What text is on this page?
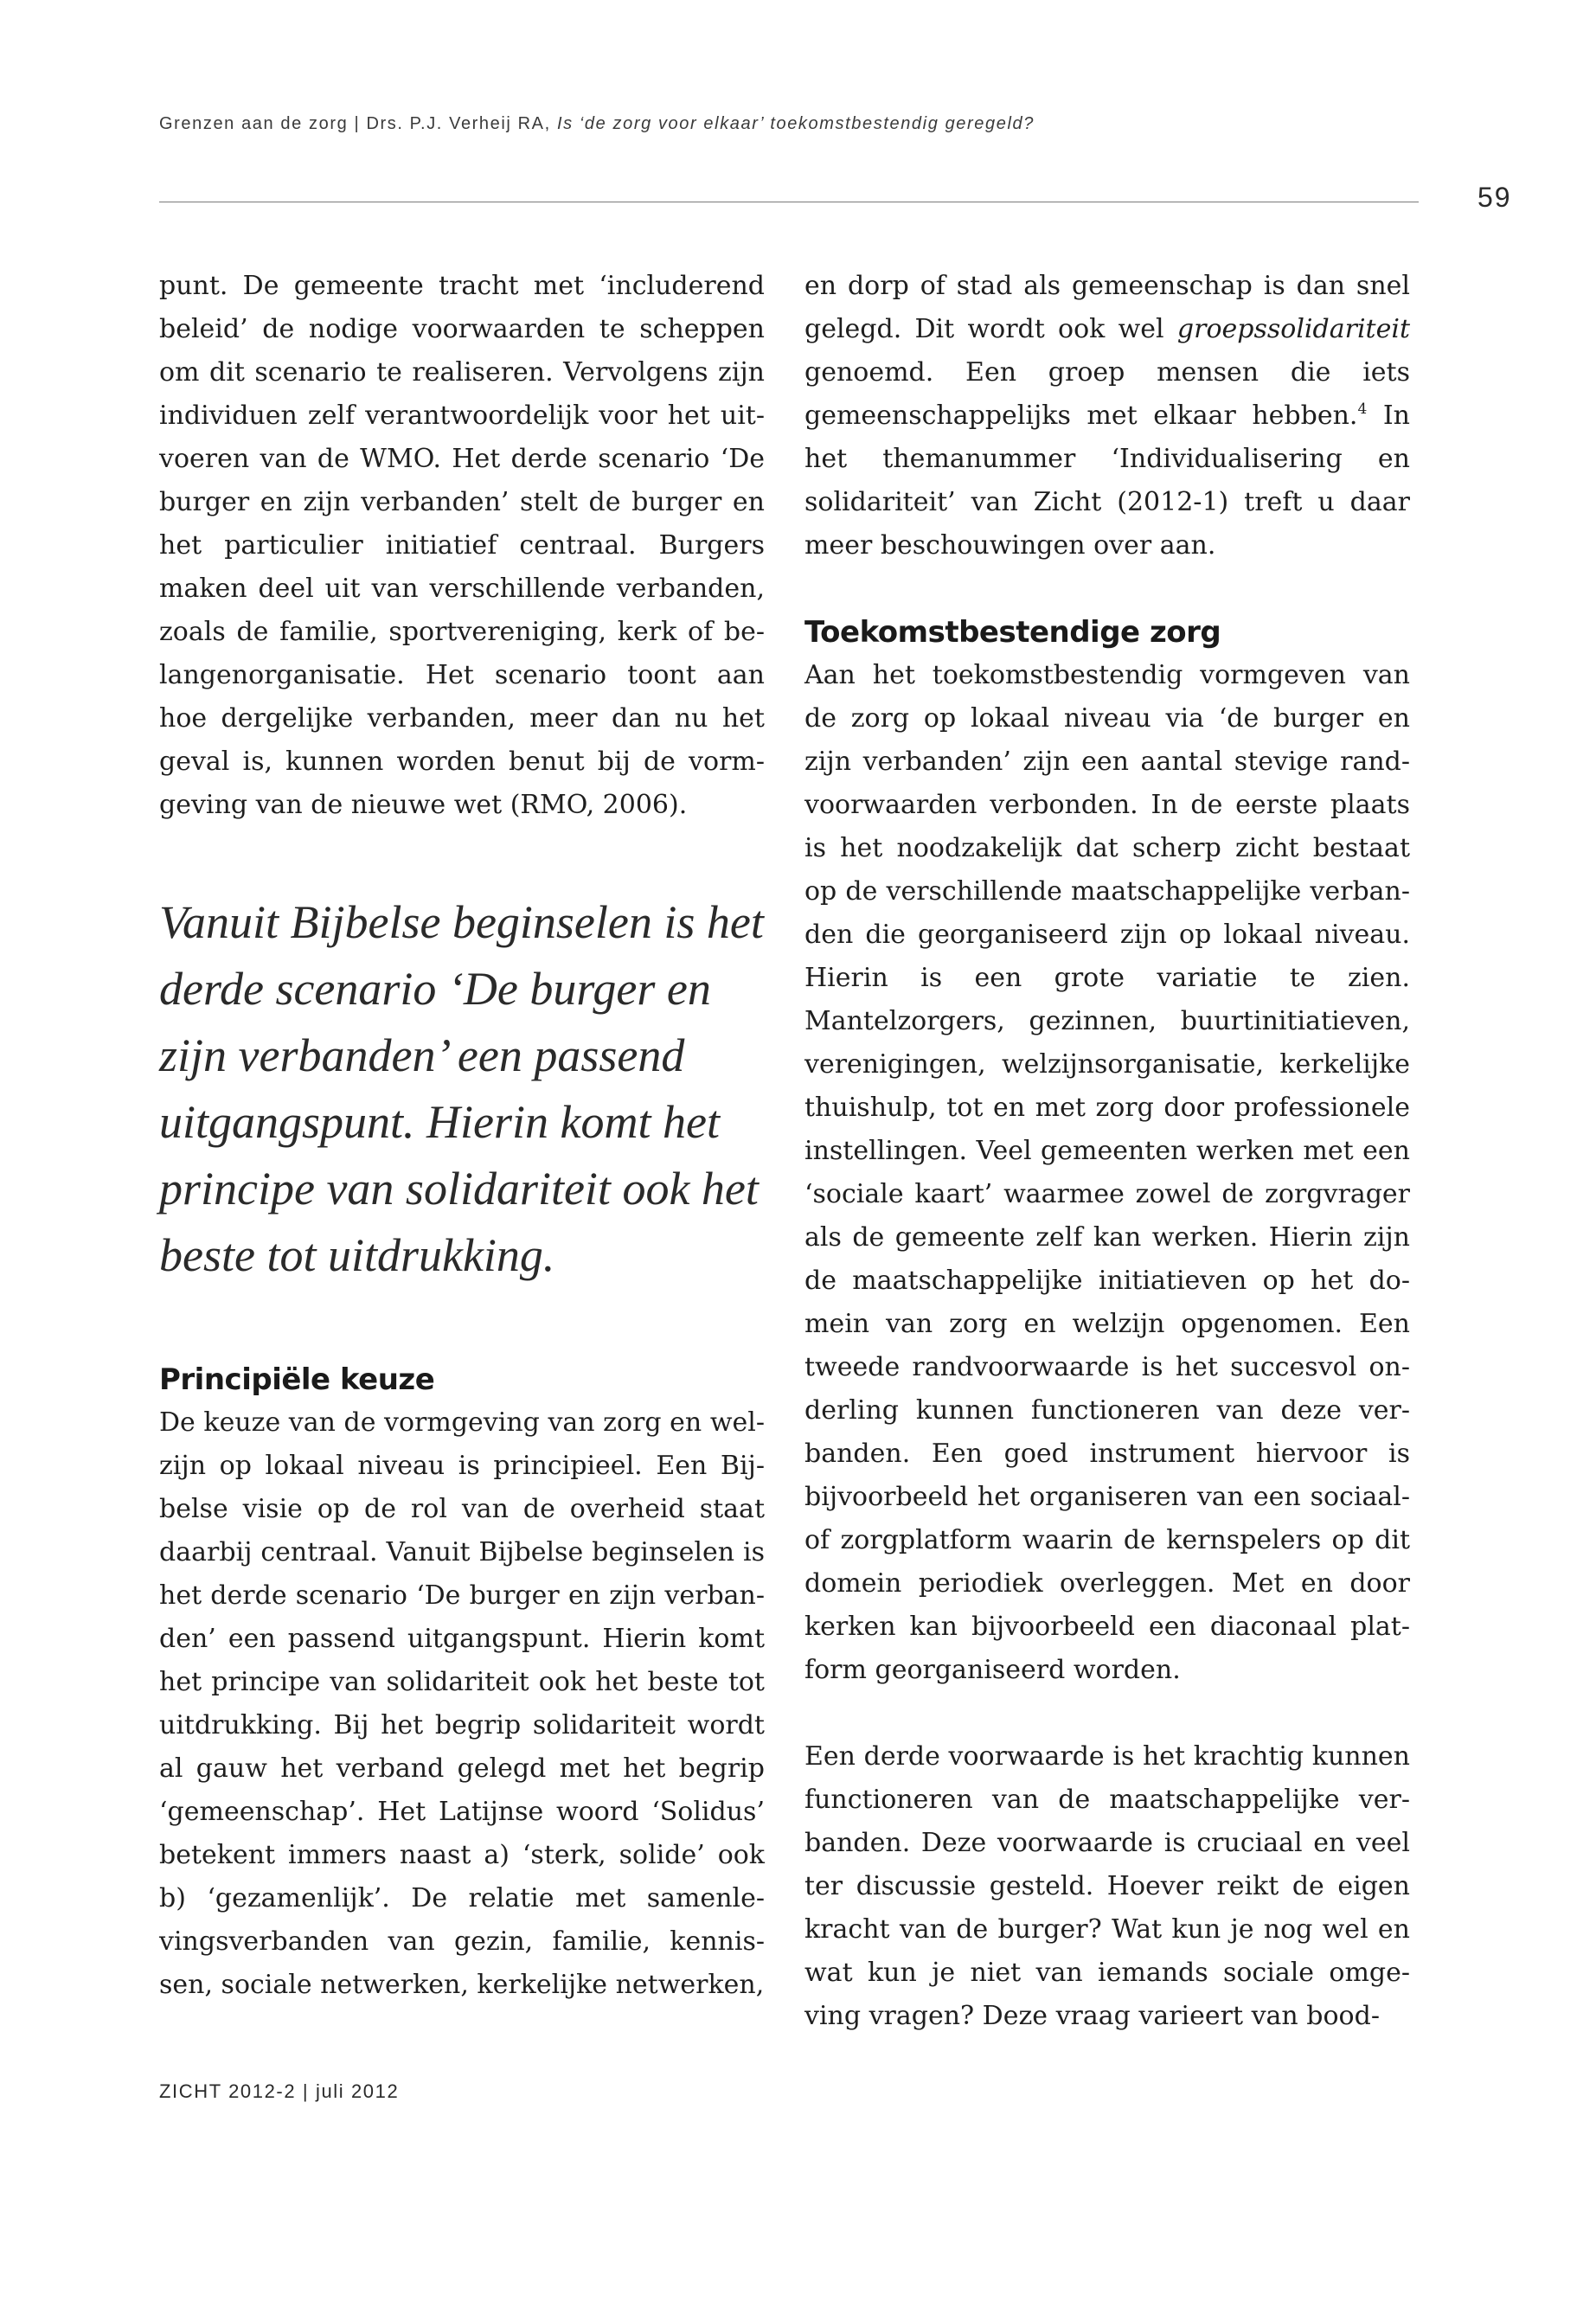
Grenzen aan de zorg | Drs. P.J. Verheij RA, Is ‘de zorg voor elkaar’ toekomstbestendig geregeld?
59

punt. De gemeente tracht met ‘includerend beleid’ de nodige voorwaarden te scheppen om dit scenario te realiseren. Vervolgens zijn individuen zelf verantwoordelijk voor het uitvoeren van de WMO. Het derde scenario ‘De burger en zijn verbanden’ stelt de burger en het particulier initiatief centraal. Burgers maken deel uit van verschillende verbanden, zoals de familie, sportvereniging, kerk of belangenorganisatie. Het scenario toont aan hoe dergelijke verbanden, meer dan nu het geval is, kunnen worden benut bij de vormgeving van de nieuwe wet (RMO, 2006).

Vanuit Bijbelse beginselen is het derde scenario ‘De burger en zijn verbanden’ een passend uitgangspunt. Hierin komt het principe van solidariteit ook het beste tot uitdrukking.

Principiële keuze

De keuze van de vormgeving van zorg en welzijn op lokaal niveau is principieel. Een Bijbelse visie op de rol van de overheid staat daarbij centraal. Vanuit Bijbelse beginselen is het derde scenario ‘De burger en zijn verbanden’ een passend uitgangspunt. Hierin komt het principe van solidariteit ook het beste tot uitdrukking. Bij het begrip solidariteit wordt al gauw het verband gelegd met het begrip ‘gemeenschap’. Het Latijnse woord ‘Solidus’ betekent immers naast a) ‘sterk, solide’ ook b) ‘gezamenlijk’. De relatie met samenlevingsverbanden van gezin, familie, kennissen, sociale netwerken, kerkelijke netwerken,

en dorp of stad als gemeenschap is dan snel gelegd. Dit wordt ook wel groepssolidariteit genoemd. Een groep mensen die iets gemeenschappelijks met elkaar hebben.$^4$ In het themanummer ‘Individualisering en solidariteit’ van Zicht (2012-1) treft u daar meer beschouwingen over aan.

Toekomstbestendige zorg

Aan het toekomstbestendig vormgeven van de zorg op lokaal niveau via ‘de burger en zijn verbanden’ zijn een aantal stevige randvoorwaarden verbonden. In de eerste plaats is het noodzakelijk dat scherp zicht bestaat op de verschillende maatschappelijke verbanden die georganiseerd zijn op lokaal niveau. Hierin is een grote variatie te zien. Mantelzorgers, gezinnen, buurtinitiatieven, verenigingen, welzijnsorganisatie, kerkelijke thuishulp, tot en met zorg door professionele instellingen. Veel gemeenten werken met een ‘sociale kaart’ waarmee zowel de zorgvrager als de gemeente zelf kan werken. Hierin zijn de maatschappelijke initiatieven op het domein van zorg en welzijn opgenomen. Een tweede randvoorwaarde is het succesvol onderling kunnen functioneren van deze verbanden. Een goed instrument hiervoor is bijvoorbeeld het organiseren van een sociaal- of zorgplatform waarin de kernspelers op dit domein periodiek overleggen. Met en door kerken kan bijvoorbeeld een diaconaal platform georganiseerd worden.

Een derde voorwaarde is het krachtig kunnen functioneren van de maatschappelijke verbanden. Deze voorwaarde is cruciaal en veel ter discussie gesteld. Hoever reikt de eigen kracht van de burger? Wat kun je nog wel en wat kun je niet van iemands sociale omgeving vragen? Deze vraag varieert van bood-

ZICHT 2012-2 | juli 2012
